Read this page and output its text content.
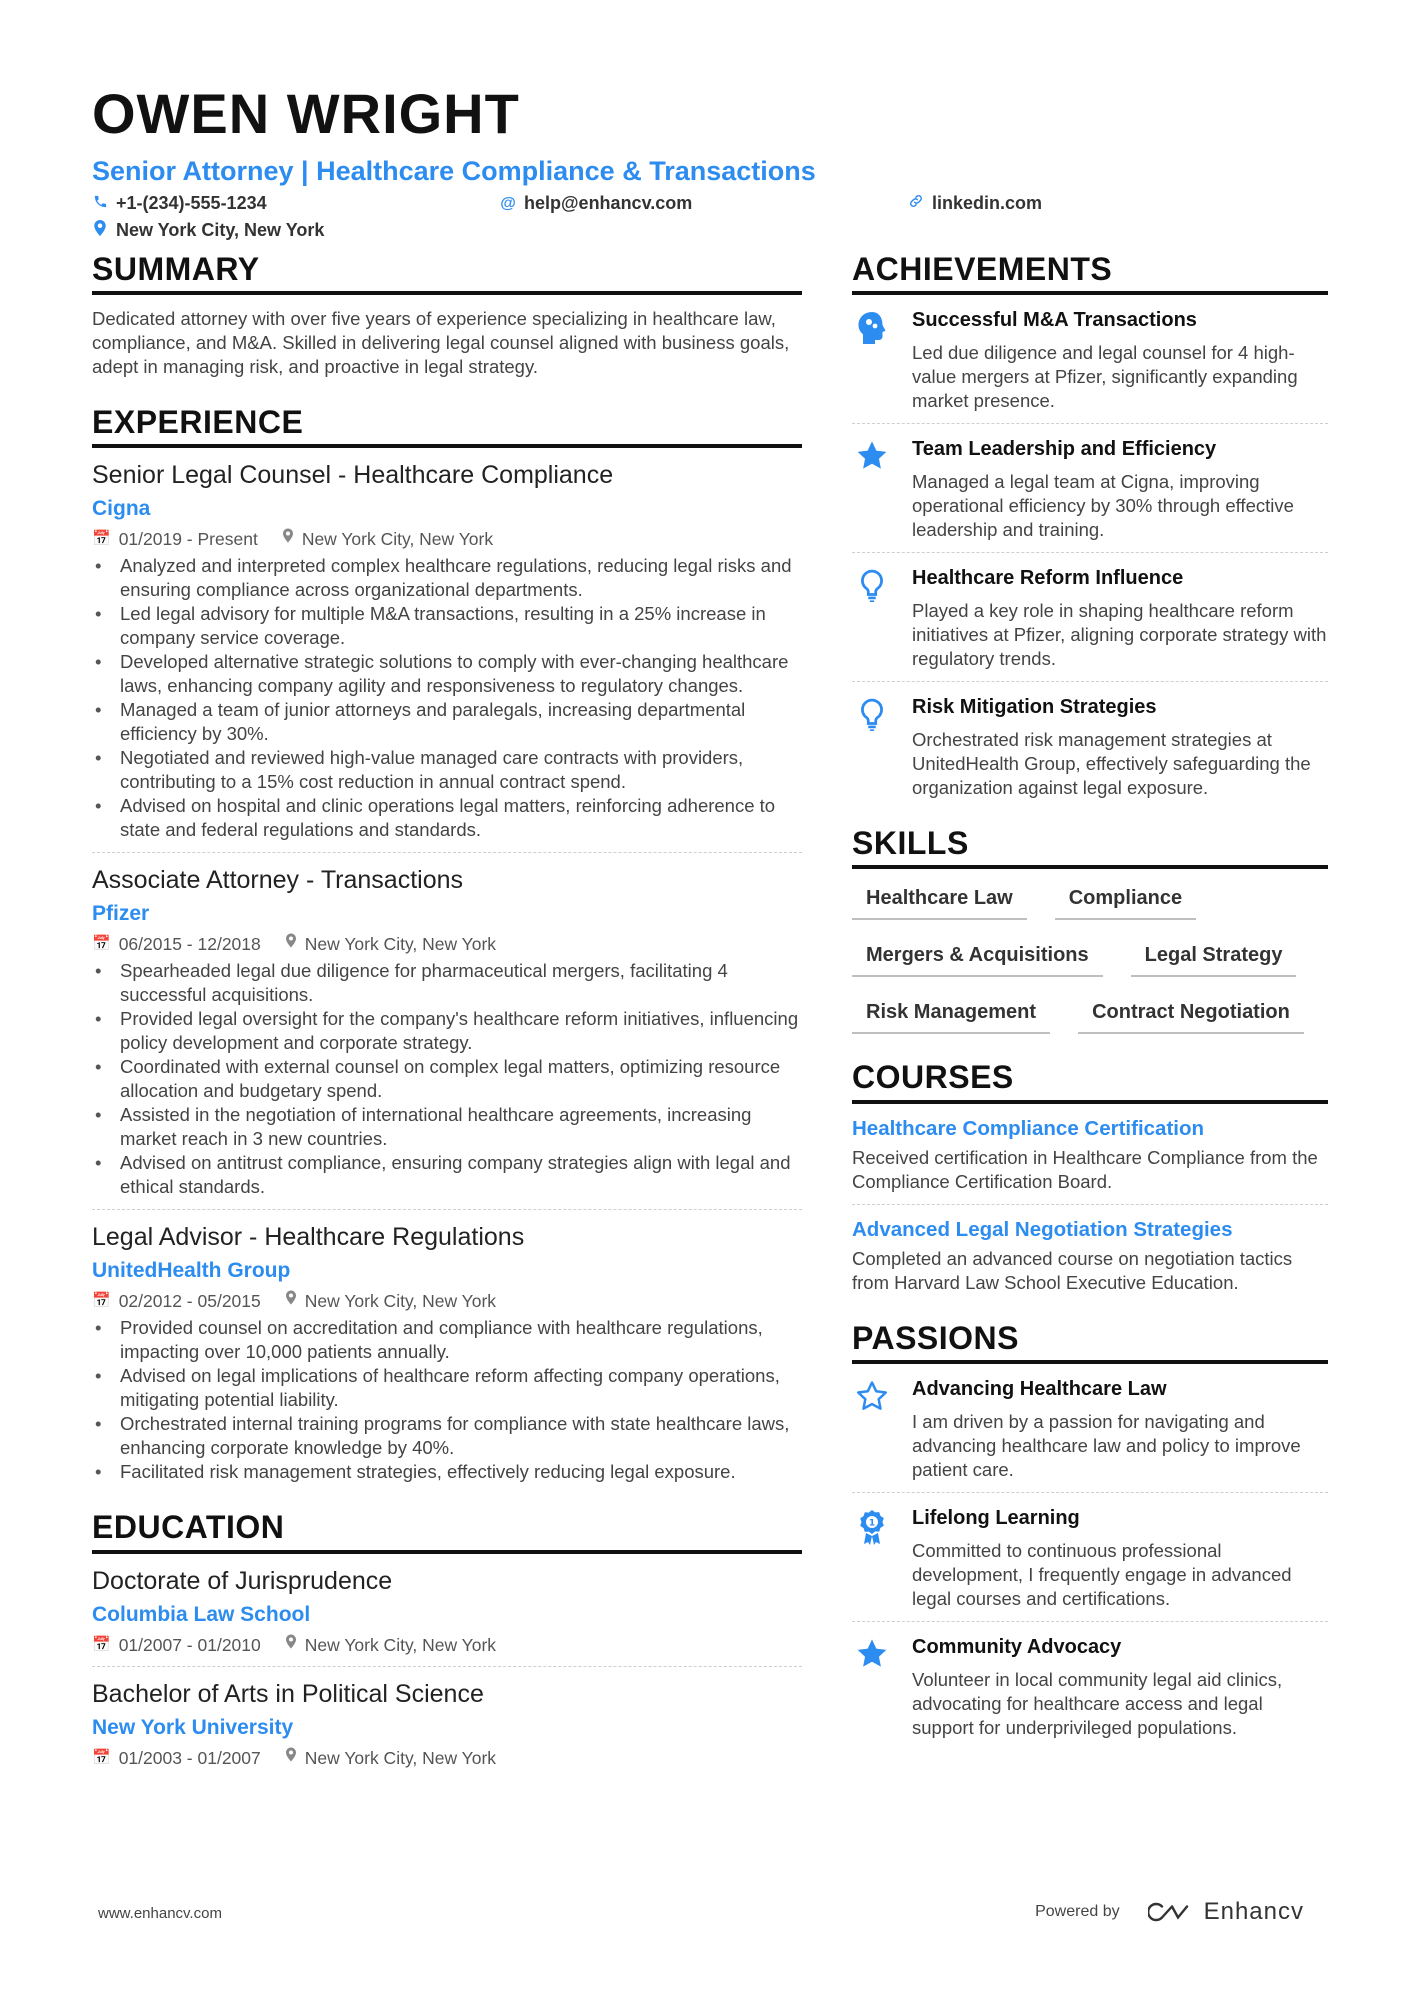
OWEN WRIGHT
Senior Attorney | Healthcare Compliance & Transactions
+1-(234)-555-1234	@ help@enhancv.com	linkedin.com
New York City, New York
SUMMARY
Dedicated attorney with over five years of experience specializing in healthcare law, compliance, and M&A. Skilled in delivering legal counsel aligned with business goals, adept in managing risk, and proactive in legal strategy.
EXPERIENCE
Senior Legal Counsel - Healthcare Compliance
Cigna
📅 01/2019 - Present	New York City, New York
• Analyzed and interpreted complex healthcare regulations, reducing legal risks and ensuring compliance across organizational departments.
• Led legal advisory for multiple M&A transactions, resulting in a 25% increase in company service coverage.
• Developed alternative strategic solutions to comply with ever-changing healthcare laws, enhancing company agility and responsiveness to regulatory changes.
• Managed a team of junior attorneys and paralegals, increasing departmental efficiency by 30%.
• Negotiated and reviewed high-value managed care contracts with providers, contributing to a 15% cost reduction in annual contract spend.
• Advised on hospital and clinic operations legal matters, reinforcing adherence to state and federal regulations and standards.
Associate Attorney - Transactions
Pfizer
📅 06/2015 - 12/2018	New York City, New York
• Spearheaded legal due diligence for pharmaceutical mergers, facilitating 4 successful acquisitions.
• Provided legal oversight for the company's healthcare reform initiatives, influencing policy development and corporate strategy.
• Coordinated with external counsel on complex legal matters, optimizing resource allocation and budgetary spend.
• Assisted in the negotiation of international healthcare agreements, increasing market reach in 3 new countries.
• Advised on antitrust compliance, ensuring company strategies align with legal and ethical standards.
Legal Advisor - Healthcare Regulations
UnitedHealth Group
📅 02/2012 - 05/2015	New York City, New York
• Provided counsel on accreditation and compliance with healthcare regulations, impacting over 10,000 patients annually.
• Advised on legal implications of healthcare reform affecting company operations, mitigating potential liability.
• Orchestrated internal training programs for compliance with state healthcare laws, enhancing corporate knowledge by 40%.
• Facilitated risk management strategies, effectively reducing legal exposure.
EDUCATION
Doctorate of Jurisprudence
Columbia Law School
📅 01/2007 - 01/2010	New York City, New York
Bachelor of Arts in Political Science
New York University
📅 01/2003 - 01/2007	New York City, New York
ACHIEVEMENTS
Successful M&A Transactions
Led due diligence and legal counsel for 4 high-value mergers at Pfizer, significantly expanding market presence.
Team Leadership and Efficiency
Managed a legal team at Cigna, improving operational efficiency by 30% through effective leadership and training.
Healthcare Reform Influence
Played a key role in shaping healthcare reform initiatives at Pfizer, aligning corporate strategy with regulatory trends.
Risk Mitigation Strategies
Orchestrated risk management strategies at UnitedHealth Group, effectively safeguarding the organization against legal exposure.
SKILLS
Healthcare Law	Compliance
Mergers & Acquisitions	Legal Strategy
Risk Management	Contract Negotiation
COURSES
Healthcare Compliance Certification
Received certification in Healthcare Compliance from the Compliance Certification Board.
Advanced Legal Negotiation Strategies
Completed an advanced course on negotiation tactics from Harvard Law School Executive Education.
PASSIONS
Advancing Healthcare Law
I am driven by a passion for navigating and advancing healthcare law and policy to improve patient care.
1 Lifelong Learning
Committed to continuous professional development, I frequently engage in advanced legal courses and certifications.
Community Advocacy
Volunteer in local community legal aid clinics, advocating for healthcare access and legal support for underprivileged populations.
www.enhancv.com	Powered by	Enhancv
